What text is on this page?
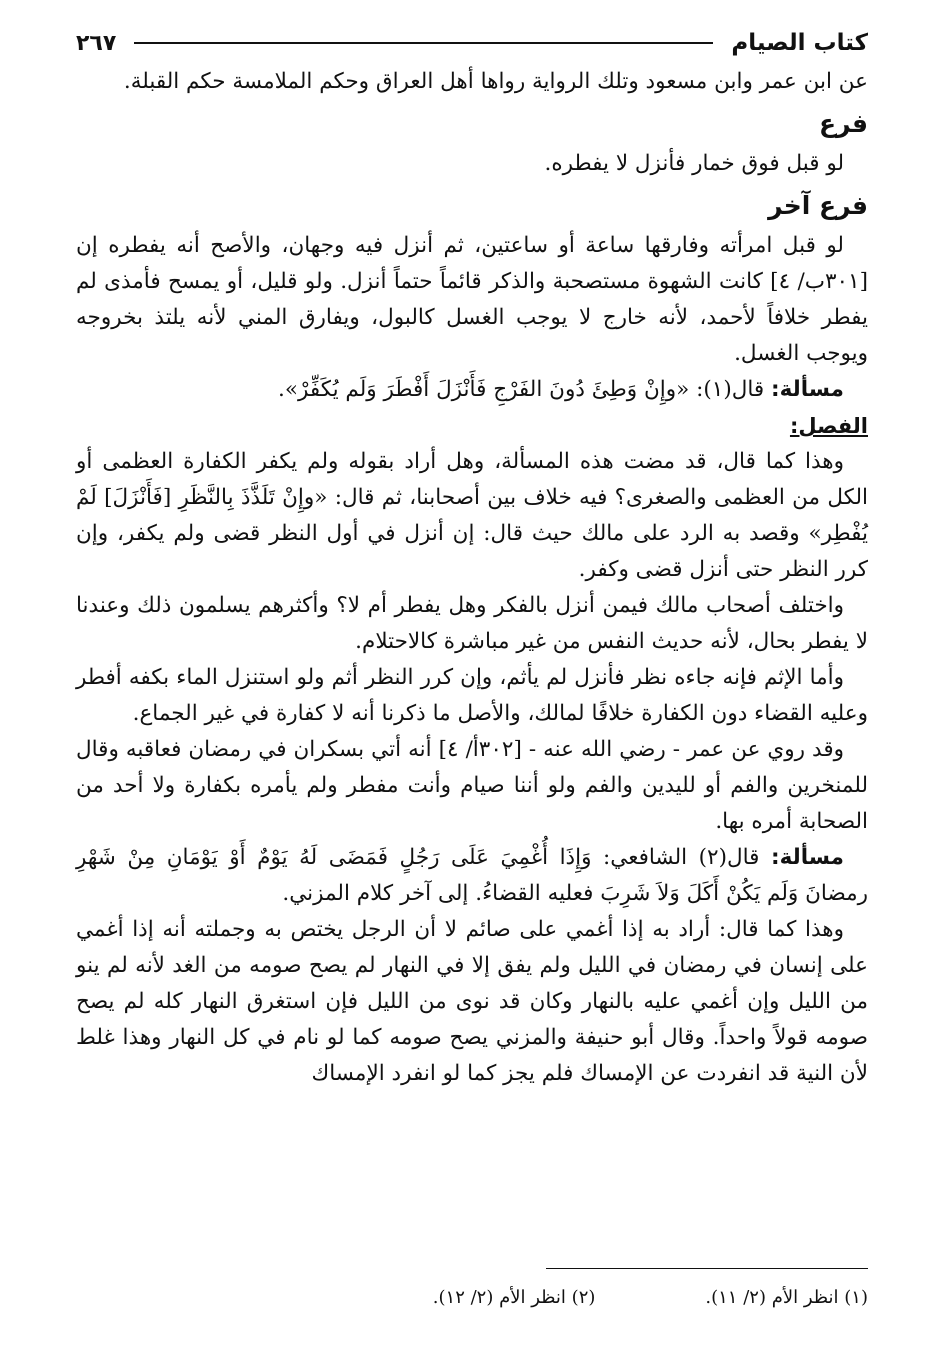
كتاب الصيام
٢٦٧

عن ابن عمر وابن مسعود وتلك الرواية رواها أهل العراق وحكم الملامسة حكم القبلة.

فرع

لو قبل فوق خمار فأنزل لا يفطره.

فرع آخر

لو قبل امرأته وفارقها ساعة أو ساعتين، ثم أنزل فيه وجهان، والأصح أنه يفطره إن [٣٠١ب/ ٤] كانت الشهوة مستصحبة والذكر قائماً حتماً أنزل. ولو قليل، أو يمسح فأمذى لم يفطر خلافاً لأحمد، لأنه خارج لا يوجب الغسل كالبول، ويفارق المني لأنه يلتذ بخروجه ويوجب الغسل.

مسألة: قال(١): «وإِنْ وَطِئَ دُونَ الفَرْجِ فَأَنْزَلَ أَفْطَرَ وَلَم يُكَفِّرْ».

الفصل:

وهذا كما قال، قد مضت هذه المسألة، وهل أراد بقوله ولم يكفر الكفارة العظمى أو الكل من العظمى والصغرى؟ فيه خلاف بين أصحابنا، ثم قال: «وإِنْ تَلَذَّذَ بِالنَّظَرِ [فَأَنْزَلَ] لَمْ يُفْطِر» وقصد به الرد على مالك حيث قال: إن أنزل في أول النظر قضى ولم يكفر، وإن كرر النظر حتى أنزل قضى وكفر.

واختلف أصحاب مالك فيمن أنزل بالفكر وهل يفطر أم لا؟ وأكثرهم يسلمون ذلك وعندنا لا يفطر بحال، لأنه حديث النفس من غير مباشرة كالاحتلام.

وأما الإثم فإنه جاءه نظر فأنزل لم يأثم، وإن كرر النظر أثم ولو استنزل الماء بكفه أفطر وعليه القضاء دون الكفارة خلافًا لمالك، والأصل ما ذكرنا أنه لا كفارة في غير الجماع.

وقد روي عن عمر - رضي الله عنه - [٣٠٢أ/ ٤] أنه أتي بسكران في رمضان فعاقبه وقال للمنخرين والفم أو لليدين والفم ولو أننا صيام وأنت مفطر ولم يأمره بكفارة ولا أحد من الصحابة أمره بها.

مسألة: قال(٢) الشافعي: وَإِذَا أُغْمِيَ عَلَى رَجُلٍ فَمَضَى لَهُ يَوْمٌ أَوْ يَوْمَانِ مِنْ شَهْرِ رمضانَ وَلَم يَكُنْ أَكَلَ وَلاَ شَرِبَ فعليه القضاءُ. إلى آخر كلام المزني.

وهذا كما قال: أراد به إذا أغمي على صائم لا أن الرجل يختص به وجملته أنه إذا أغمي على إنسان في رمضان في الليل ولم يفق إلا في النهار لم يصح صومه من الغد لأنه لم ينو من الليل وإن أغمي عليه بالنهار وكان قد نوى من الليل فإن استغرق النهار كله لم يصح صومه قولاً واحداً. وقال أبو حنيفة والمزني يصح صومه كما لو نام في كل النهار وهذا غلط لأن النية قد انفردت عن الإمساك فلم يجز كما لو انفرد الإمساك

(١) انظر الأم (٢/ ١١).
(٢) انظر الأم (٢/ ١٢).
